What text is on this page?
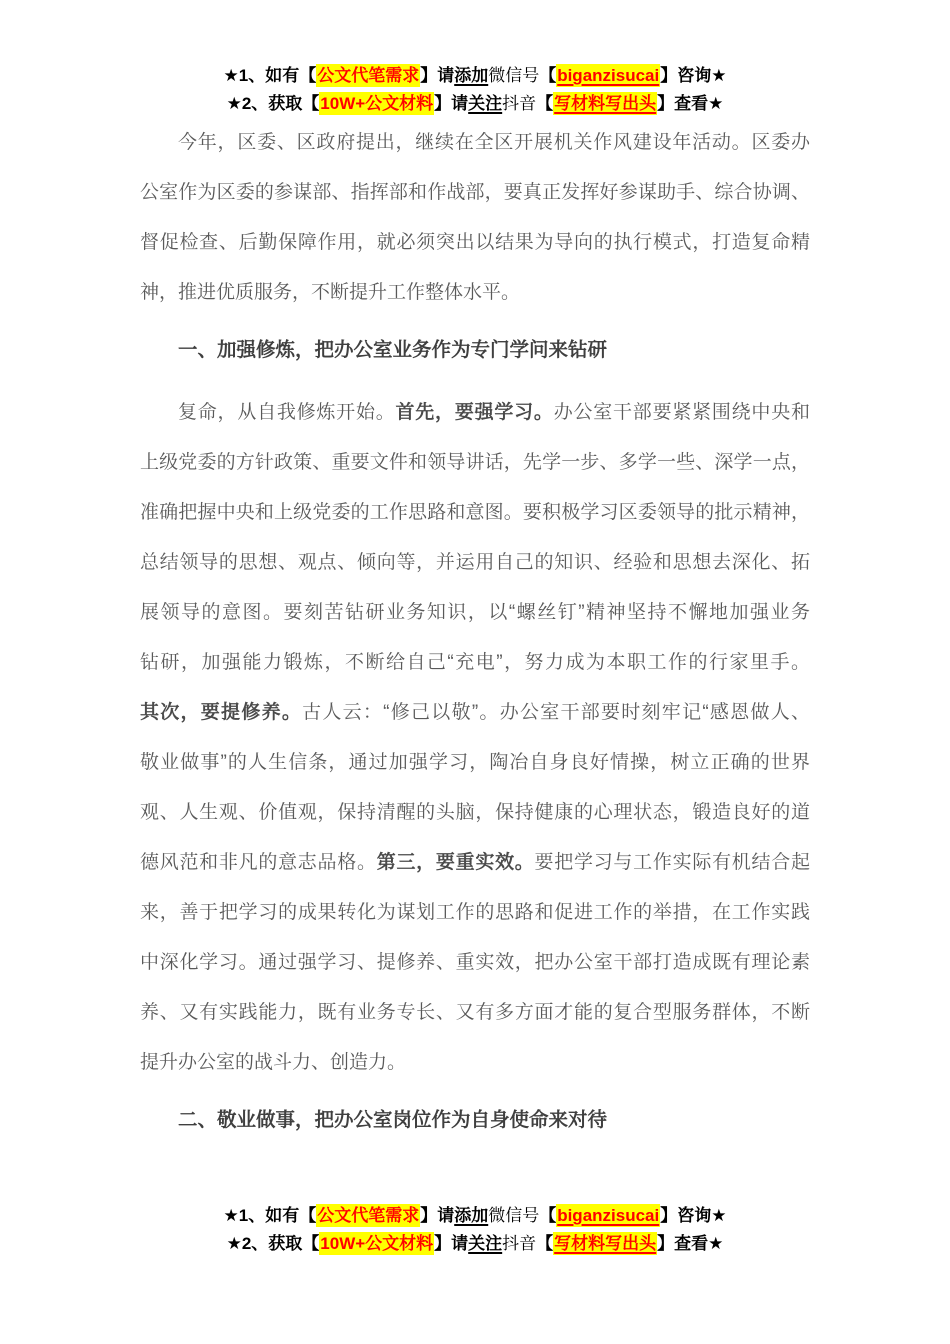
★1、如有【公文代笔需求】请添加微信号【biganzisucai】咨询★
★2、获取【10W+公文材料】请关注抖音【写材料写出头】查看★
今年，区委、区政府提出，继续在全区开展机关作风建设年活动。区委办
公室作为区委的参谋部、指挥部和作战部，要真正发挥好参谋助手、综合协调、
督促检查、后勤保障作用，就必须突出以结果为导向的执行模式，打造复命精
神，推进优质服务，不断提升工作整体水平。
一、加强修炼，把办公室业务作为专门学问来钻研
复命，从自我修炼开始。首先，要强学习。办公室干部要紧紧围绕中央和
上级党委的方针政策、重要文件和领导讲话，先学一步、多学一些、深学一点，
准确把握中央和上级党委的工作思路和意图。要积极学习区委领导的批示精神，
总结领导的思想、观点、倾向等，并运用自己的知识、经验和思想去深化、拓
展领导的意图。要刻苦钻研业务知识，以“螺丝钉”精神坚持不懈地加强业务
钻研，加强能力锻炼，不断给自己“充电”，努力成为本职工作的行家里手。
其次，要提修养。古人云：“修己以敬”。办公室干部要时刻牢记“感恩做人、
敬业做事”的人生信条，通过加强学习，陶冶自身良好情操，树立正确的世界
观、人生观、价值观，保持清醒的头脑，保持健康的心理状态，锻造良好的道
德风范和非凡的意志品格。第三，要重实效。要把学习与工作实际有机结合起
来，善于把学习的成果转化为谋划工作的思路和促进工作的举措，在工作实践
中深化学习。通过强学习、提修养、重实效，把办公室干部打造成既有理论素
养、又有实践能力，既有业务专长、又有多方面才能的复合型服务群体，不断
提升办公室的战斗力、创造力。
二、敬业做事，把办公室岗位作为自身使命来对待
★1、如有【公文代笔需求】请添加微信号【biganzisucai】咨询★
★2、获取【10W+公文材料】请关注抖音【写材料写出头】查看★
